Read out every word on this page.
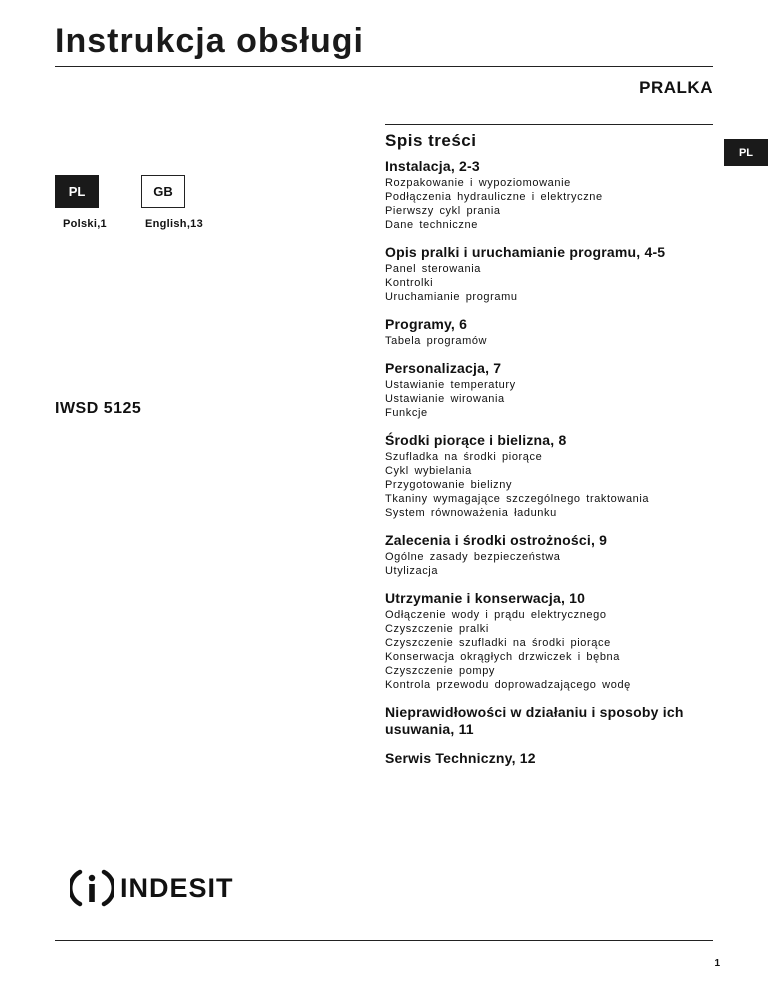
Instrukcja obsługi
PRALKA
Spis treści
PL
PL	GB
Polski,1	English,13
IWSD 5125
Instalacja, 2-3
Rozpakowanie i wypoziomowanie
Podłączenia hydrauliczne i elektryczne
Pierwszy cykl prania
Dane techniczne
Opis pralki i uruchamianie programu, 4-5
Panel sterowania
Kontrolki
Uruchamianie programu
Programy, 6
Tabela programów
Personalizacja, 7
Ustawianie temperatury
Ustawianie wirowania
Funkcje
Środki piorące i bielizna, 8
Szufladka na środki piorące
Cykl wybielania
Przygotowanie bielizny
Tkaniny wymagające szczególnego traktowania
System równoważenia ładunku
Zalecenia i środki ostrożności, 9
Ogólne zasady bezpieczeństwa
Utylizacja
Utrzymanie i konserwacja, 10
Odłączenie wody i prądu elektrycznego
Czyszczenie pralki
Czyszczenie szufladki na środki piorące
Konserwacja okrągłych drzwiczek i bębna
Czyszczenie pompy
Kontrola przewodu doprowadzającego wodę
Nieprawidłowości w działaniu i sposoby ich usuwania, 11
Serwis Techniczny, 12
INDESIT
1
